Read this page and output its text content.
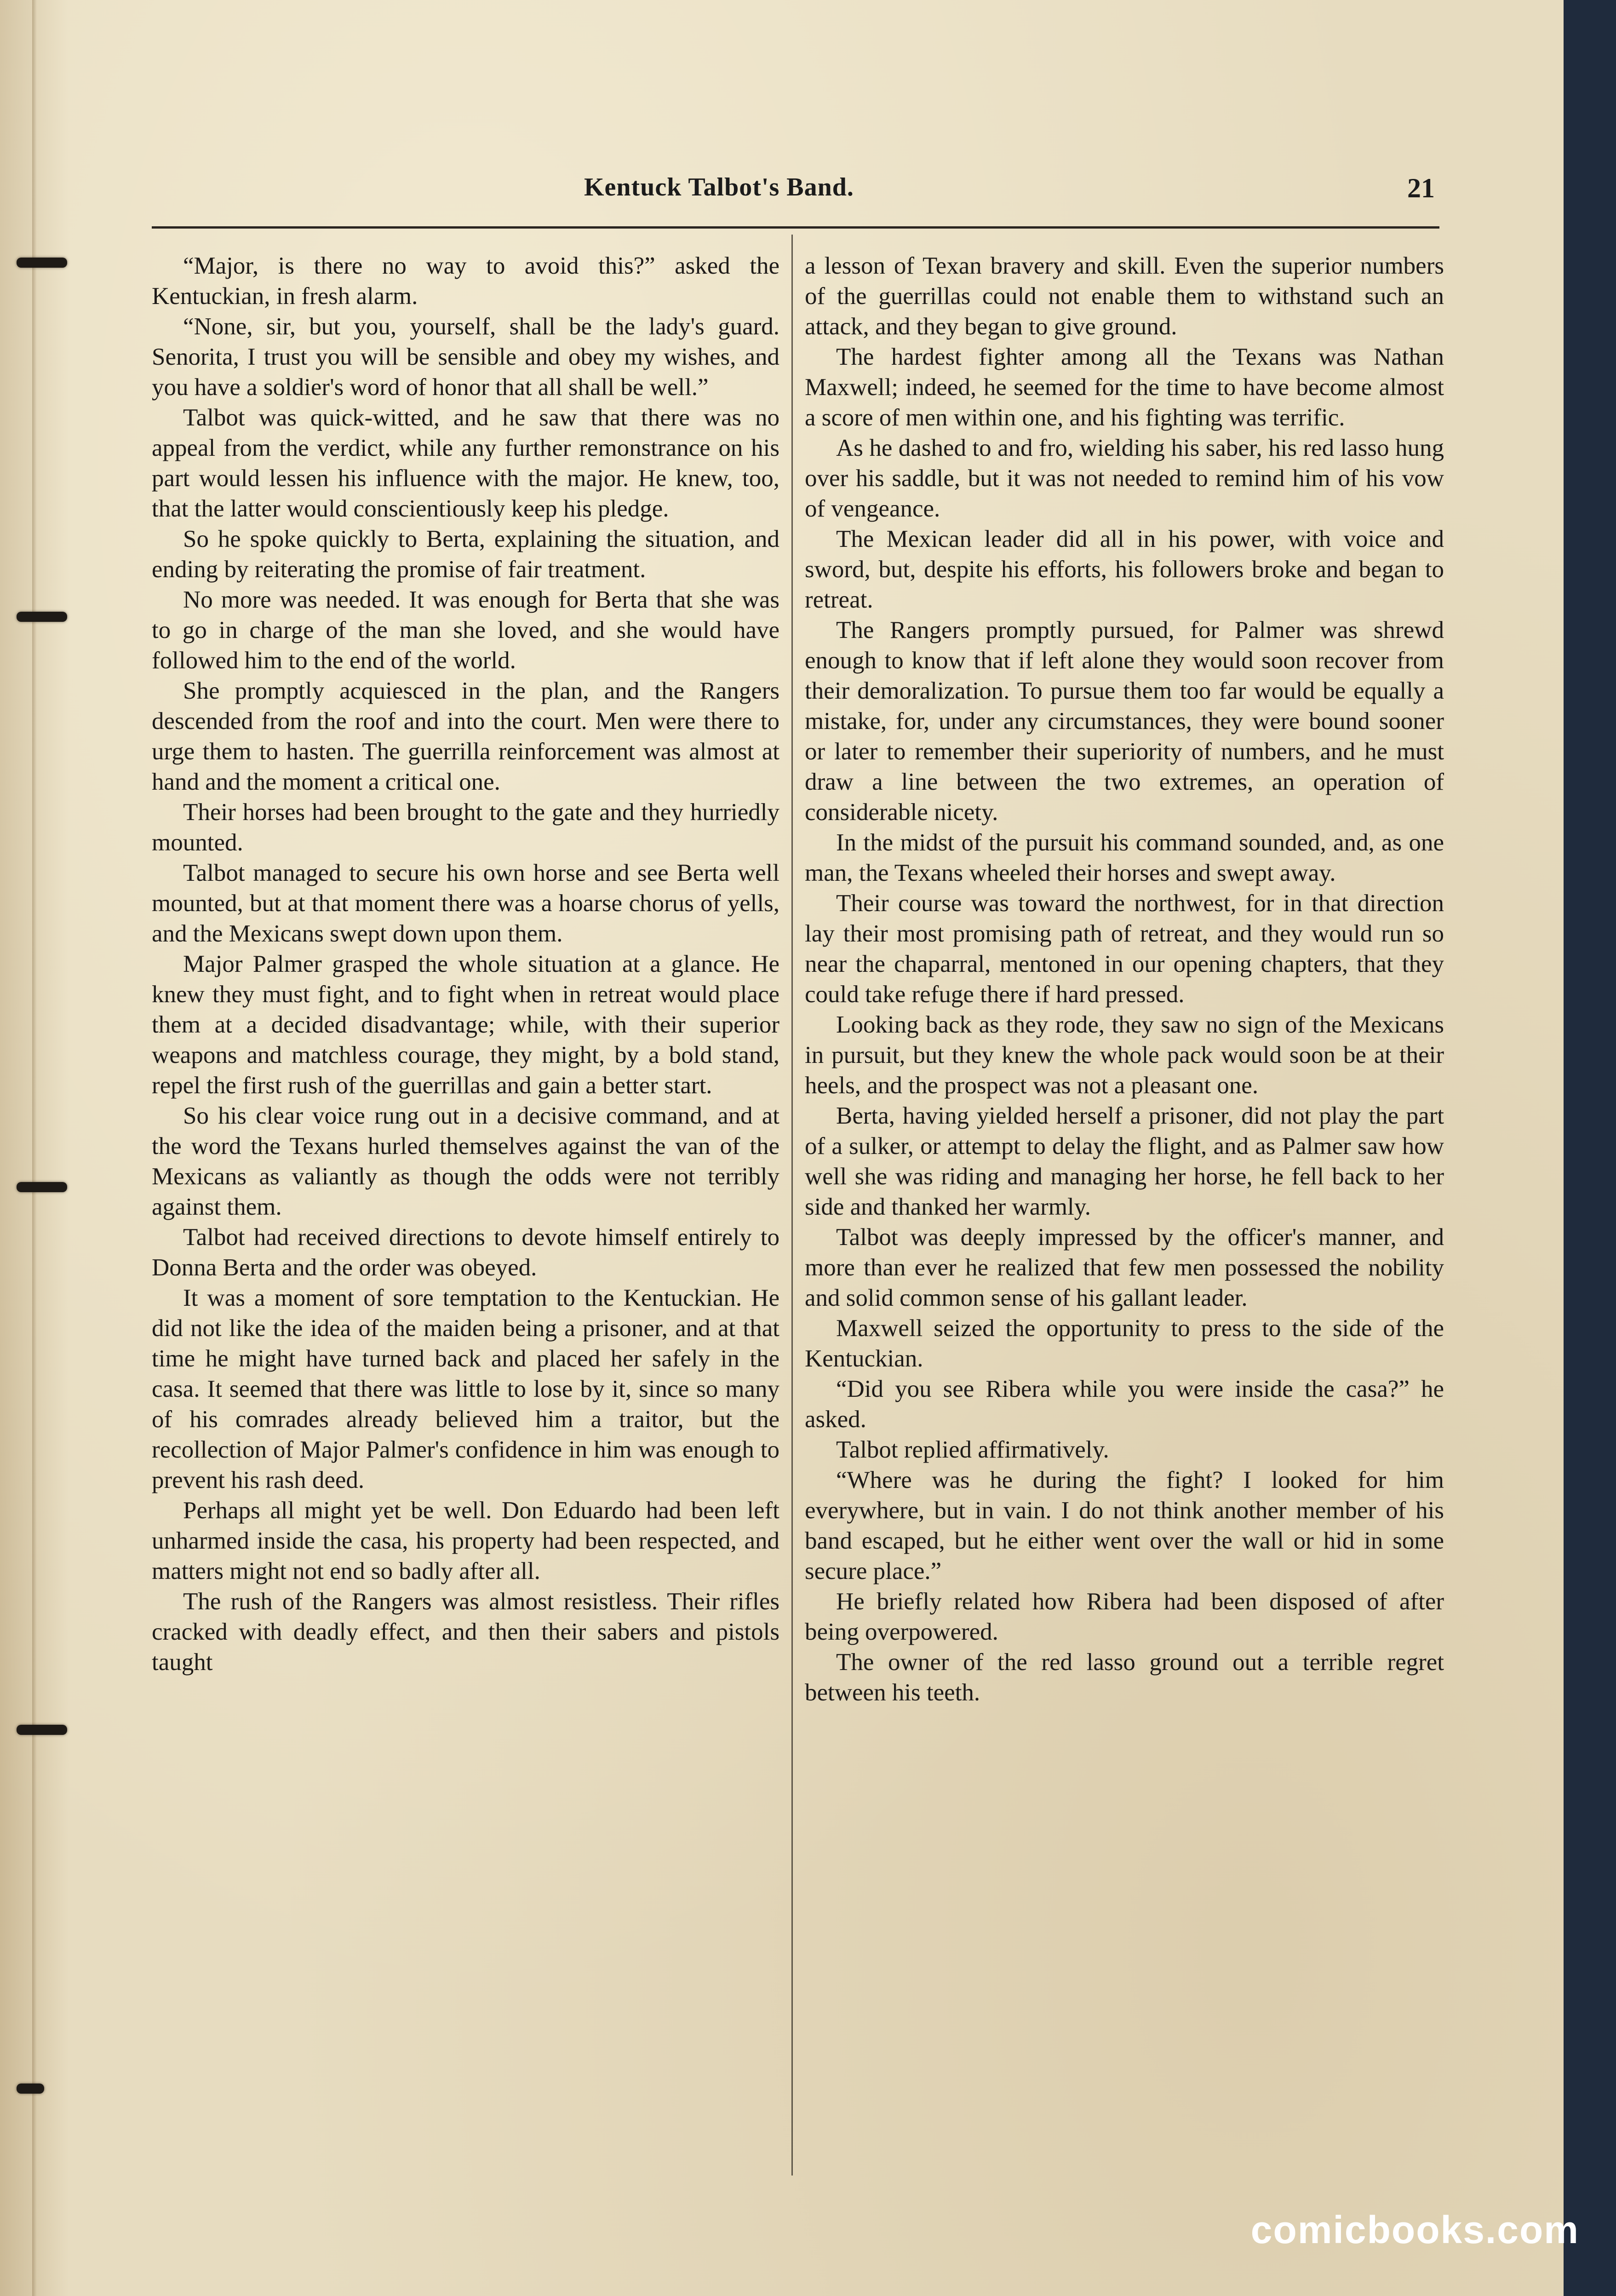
Kentuck Talbot's Band.	21

“Major, is there no way to avoid this?” asked the Kentuckian, in fresh alarm.

“None, sir, but you, yourself, shall be the lady's guard. Senorita, I trust you will be sensible and obey my wishes, and you have a soldier's word of honor that all shall be well.”

Talbot was quick-witted, and he saw that there was no appeal from the verdict, while any further remonstrance on his part would lessen his influence with the major. He knew, too, that the latter would conscientiously keep his pledge.

So he spoke quickly to Berta, explaining the situation, and ending by reiterating the promise of fair treatment.

No more was needed. It was enough for Berta that she was to go in charge of the man she loved, and she would have followed him to the end of the world.

She promptly acquiesced in the plan, and the Rangers descended from the roof and into the court. Men were there to urge them to hasten. The guerrilla reinforcement was almost at hand and the moment a critical one.

Their horses had been brought to the gate and they hurriedly mounted.

Talbot managed to secure his own horse and see Berta well mounted, but at that moment there was a hoarse chorus of yells, and the Mexicans swept down upon them.

Major Palmer grasped the whole situation at a glance. He knew they must fight, and to fight when in retreat would place them at a decided disadvantage; while, with their superior weapons and matchless courage, they might, by a bold stand, repel the first rush of the guerrillas and gain a better start.

So his clear voice rung out in a decisive command, and at the word the Texans hurled themselves against the van of the Mexicans as valiantly as though the odds were not terribly against them.

Talbot had received directions to devote himself entirely to Donna Berta and the order was obeyed.

It was a moment of sore temptation to the Kentuckian. He did not like the idea of the maiden being a prisoner, and at that time he might have turned back and placed her safely in the casa. It seemed that there was little to lose by it, since so many of his comrades already believed him a traitor, but the recollection of Major Palmer's confidence in him was enough to prevent his rash deed.

Perhaps all might yet be well. Don Eduardo had been left unharmed inside the casa, his property had been respected, and matters might not end so badly after all.

The rush of the Rangers was almost resistless. Their rifles cracked with deadly effect, and then their sabers and pistols taught

a lesson of Texan bravery and skill. Even the superior numbers of the guerrillas could not enable them to withstand such an attack, and they began to give ground.

The hardest fighter among all the Texans was Nathan Maxwell; indeed, he seemed for the time to have become almost a score of men within one, and his fighting was terrific.

As he dashed to and fro, wielding his saber, his red lasso hung over his saddle, but it was not needed to remind him of his vow of vengeance.

The Mexican leader did all in his power, with voice and sword, but, despite his efforts, his followers broke and began to retreat.

The Rangers promptly pursued, for Palmer was shrewd enough to know that if left alone they would soon recover from their demoralization. To pursue them too far would be equally a mistake, for, under any circumstances, they were bound sooner or later to remember their superiority of numbers, and he must draw a line between the two extremes, an operation of considerable nicety.

In the midst of the pursuit his command sounded, and, as one man, the Texans wheeled their horses and swept away.

Their course was toward the northwest, for in that direction lay their most promising path of retreat, and they would run so near the chaparral, mentoned in our opening chapters, that they could take refuge there if hard pressed.

Looking back as they rode, they saw no sign of the Mexicans in pursuit, but they knew the whole pack would soon be at their heels, and the prospect was not a pleasant one.

Berta, having yielded herself a prisoner, did not play the part of a sulker, or attempt to delay the flight, and as Palmer saw how well she was riding and managing her horse, he fell back to her side and thanked her warmly.

Talbot was deeply impressed by the officer's manner, and more than ever he realized that few men possessed the nobility and solid common sense of his gallant leader.

Maxwell seized the opportunity to press to the side of the Kentuckian.

“Did you see Ribera while you were inside the casa?” he asked.

Talbot replied affirmatively.

“Where was he during the fight? I looked for him everywhere, but in vain. I do not think another member of his band escaped, but he either went over the wall or hid in some secure place.”

He briefly related how Ribera had been disposed of after being overpowered.

The owner of the red lasso ground out a terrible regret between his teeth.

comicbooks.com
